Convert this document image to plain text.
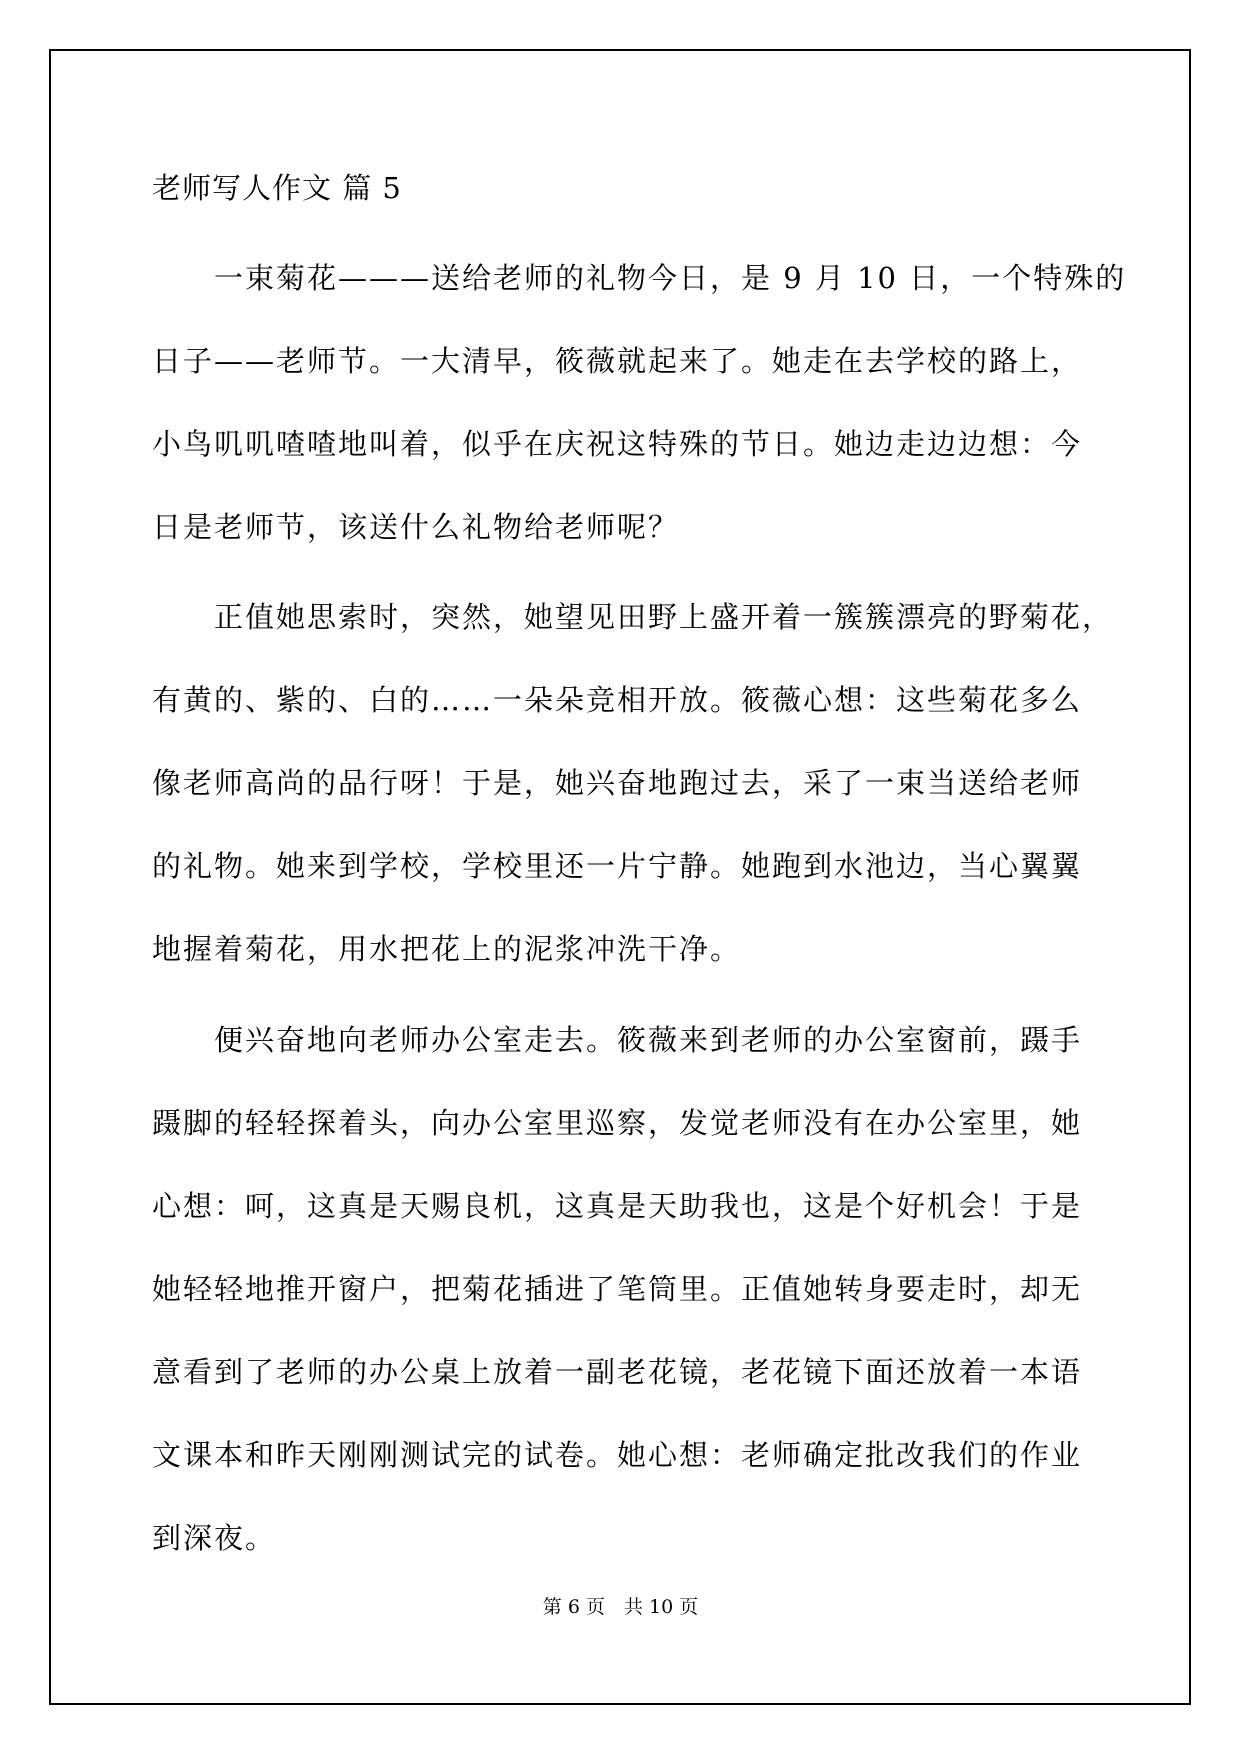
老师写人作文 篇 5
　　一束菊花———送给老师的礼物今日，是 9 月 10 日，一个特殊的
日子——老师节。一大清早，筱薇就起来了。她走在去学校的路上，
小鸟叽叽喳喳地叫着，似乎在庆祝这特殊的节日。她边走边边想：今
日是老师节，该送什么礼物给老师呢？
　　正值她思索时，突然，她望见田野上盛开着一簇簇漂亮的野菊花，
有黄的、紫的、白的……一朵朵竞相开放。筱薇心想：这些菊花多么
像老师高尚的品行呀！于是，她兴奋地跑过去，采了一束当送给老师
的礼物。她来到学校，学校里还一片宁静。她跑到水池边，当心翼翼
地握着菊花，用水把花上的泥浆冲洗干净。
　　便兴奋地向老师办公室走去。筱薇来到老师的办公室窗前，蹑手
蹑脚的轻轻探着头，向办公室里巡察，发觉老师没有在办公室里，她
心想：呵，这真是天赐良机，这真是天助我也，这是个好机会！于是
她轻轻地推开窗户，把菊花插进了笔筒里。正值她转身要走时，却无
意看到了老师的办公桌上放着一副老花镜，老花镜下面还放着一本语
文课本和昨天刚刚测试完的试卷。她心想：老师确定批改我们的作业
到深夜。
第 6 页　共 10 页
